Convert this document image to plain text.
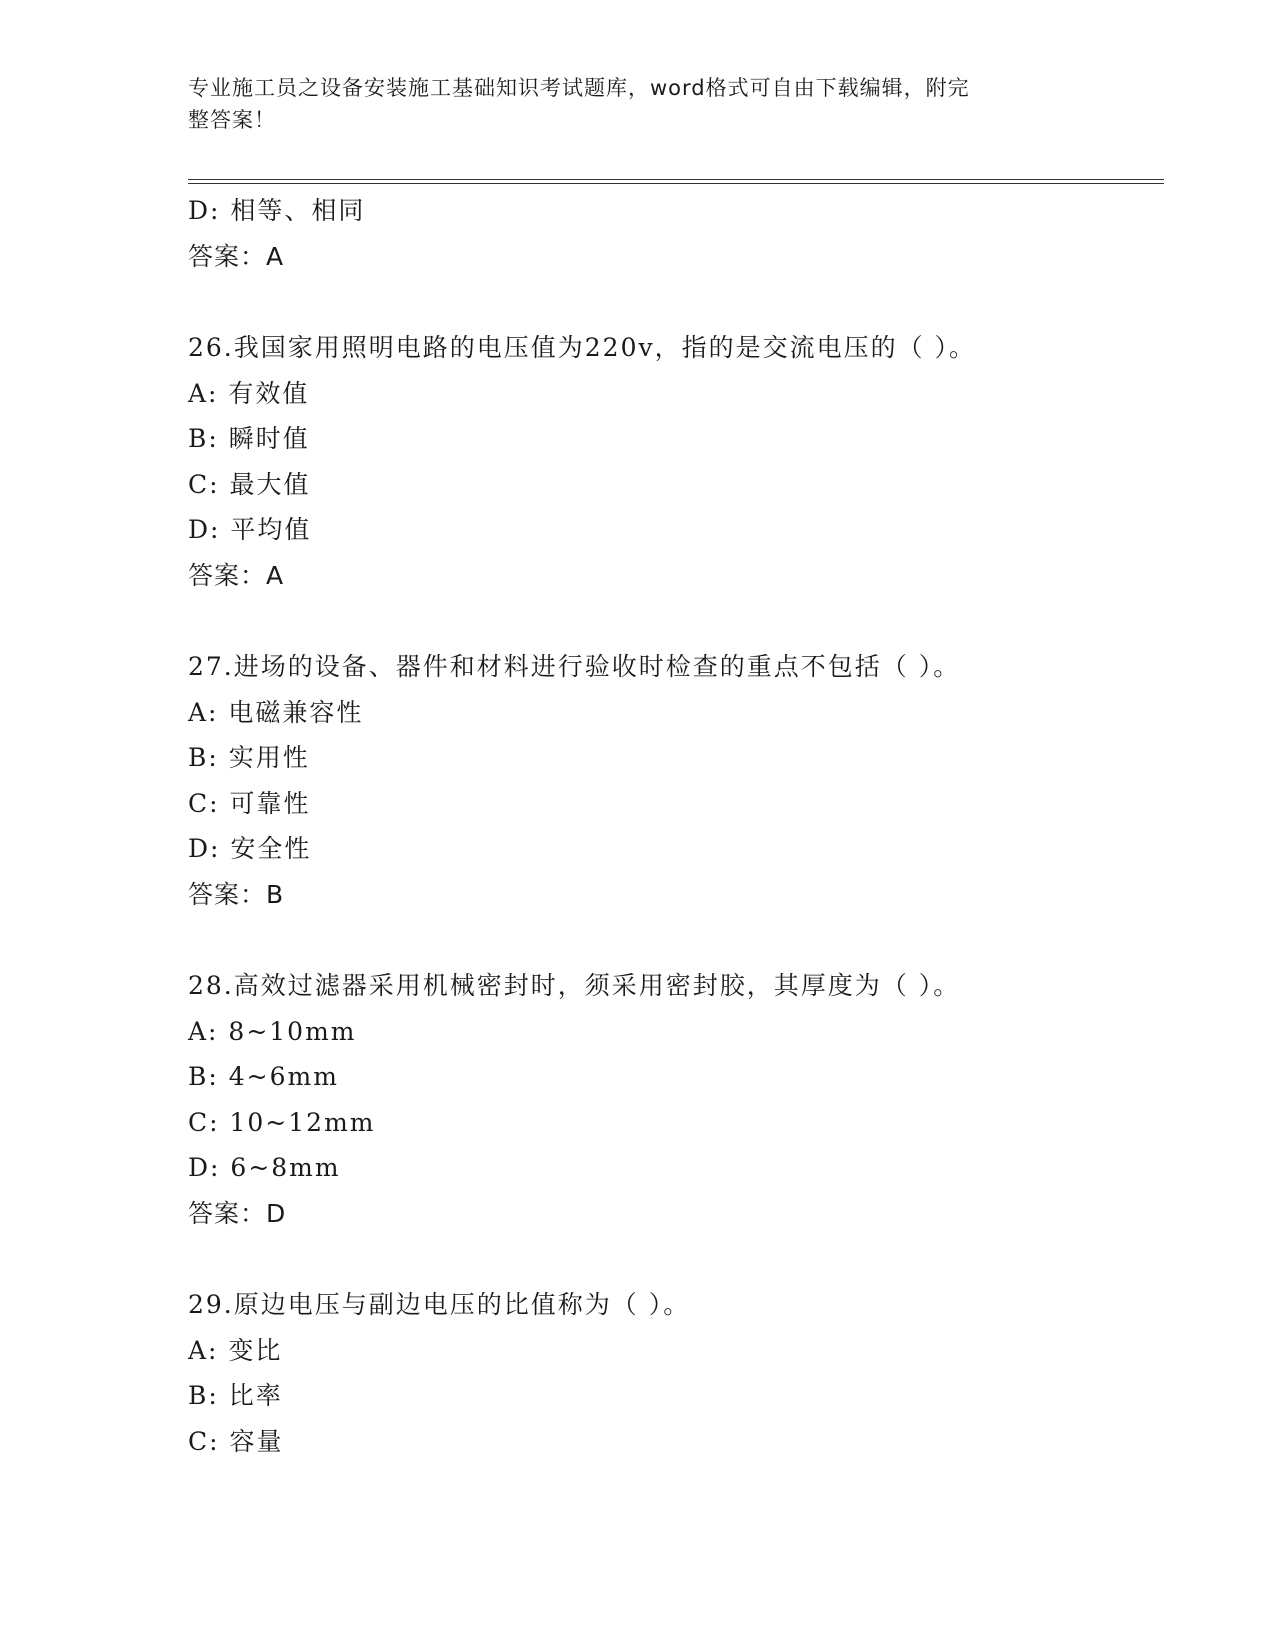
专业施工员之设备安装施工基础知识考试题库，word格式可自由下载编辑，附完
整答案！
D: 相等、相同
答案：A
26.我国家用照明电路的电压值为220v，指的是交流电压的（ ）。
A: 有效值
B: 瞬时值
C: 最大值
D: 平均值
答案：A
27.进场的设备、器件和材料进行验收时检查的重点不包括（ ）。
A: 电磁兼容性
B: 实用性
C: 可靠性
D: 安全性
答案：B
28.高效过滤器采用机械密封时，须采用密封胶，其厚度为（ ）。
A: 8~10mm
B: 4~6mm
C: 10~12mm
D: 6~8mm
答案：D
29.原边电压与副边电压的比值称为（ ）。
A: 变比
B: 比率
C: 容量
